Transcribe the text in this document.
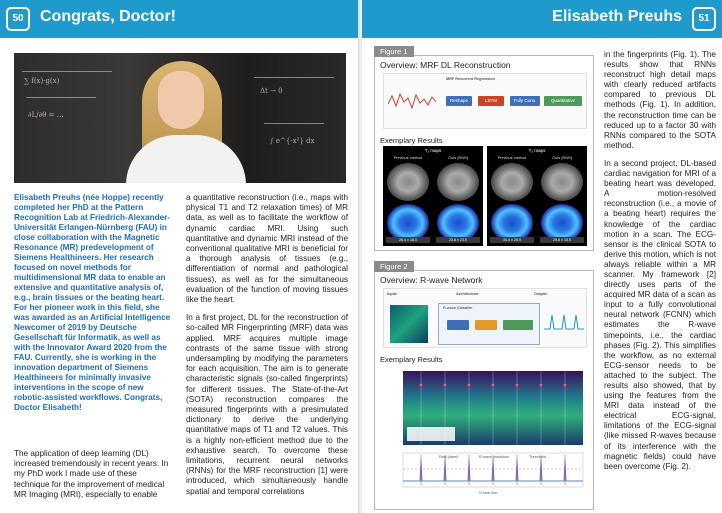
50	Congrats, Doctor!
∑ f(x)·g(x)
∂L/∂θ = …
Δt → 0
∫ e^{-x²} dx
Elisabeth Preuhs (née Hoppe) recently completed her PhD at the Pattern Recognition Lab at Friedrich-Alexander-Universität Erlangen-Nürnberg (FAU) in close collaboration with the Magnetic Resonance (MR) predevelopment of Siemens Healthineers. Her research focused on novel methods for multidimensional MR data to enable an extensive and quantitative analysis of, e.g., brain tissues or the beating heart. For her pioneer work in this field, she was awarded as an Artificial Intelligence Newcomer of 2019 by Deutsche Gesellschaft für Informatik, as well as with the Innovator Award 2020 from the FAU. Currently, she is working in the innovation department of Siemens Healthineers for minimally invasive interventions in the scope of new robotic-assisted workflows. Congrats, Doctor Elisabeth!

The application of deep learning (DL) increased tremendously in recent years. In my PhD work I made use of these technique for the improvement of medical MR Imaging (MRI), especially to enable

a quantitative reconstruction (i.e., maps with physical T1 and T2 relaxation times) of MR data, as well as to facilitate the workflow of dynamic cardiac MRI. Using such quantitative and dynamic MRI instead of the conventional qualitative MRI is beneficial for a thorough analysis of tissues (e.g., differentiation of normal and pathological tissues), as well as for the simultaneous evaluation of the function of moving tissues like the heart.

In a first project, DL for the reconstruction of so-called MR Fingerprinting (MRF) data was applied. MRF acquires multiple image contrasts of the same tissue with strong undersampling by modifying the parameters for each acquisition. The aim is to generate characteristic signals (so-called fingerprints) for different tissues. The State-of-the-Art (SOTA) reconstruction compares the measured fingerprints with a presimulated dictionary to derive the underlying quantitative maps of T1 and T2 values. This is a highly non-efficient method due to the exhaustive search. To overcome these limitations, recurrent neural networks (RNNs) for the MRF reconstruction [1] were introduced, which simultaneously handle spatial and temporal correlations

Elisabeth Preuhs	51
Figure 1
Overview: MRF DL Reconstruction
MRF Recurrent Regression
Reshape	LSTM	Fully Conn.	Quantitative
Exemplary Results
T₁ maps
Previous method	Ours (RNN)
28.4 ± 18.0	23.8 ± 23.0
T₂ maps
Previous method	Ours (RNN)
34.4 ± 26.9	29.8 ± 15.5
Figure 2
Overview: R-wave Network
Input:	Architecture:	Output:
R-wave Classifier
Exemplary Results
Real (label)	R-wave prediction	Threshold
N time-line

in the fingerprints (Fig. 1). The results show that RNNs reconstruct high detail maps with clearly reduced artifacts compared to previous DL methods (Fig. 1). In addition, the reconstruction time can be reduced up to a factor 30 with RNNs compared to the SOTA method.

In a second project, DL-based cardiac navigation for MRI of a beating heart was developed. A motion-resolved reconstruction (i.e., a movie of a beating heart) requires the knowledge of the cardiac motion in a scan. The ECG-sensor is the clinical SOTA to derive this motion, which is not always reliable within a MR scanner. My framework [2] directly uses parts of the acquired MR data of a scan as input to a fully convolutional neural network (FCNN) which estimates the R-wave timepoints, i.e., the cardiac phases (Fig. 2). This simplifies the workflow, as no external ECG-sensor needs to be attached to the subject. The results also showed, that by using the features from the MRI data instead of the electrical ECG-signal, limitations of the ECG-signal (like missed R-waves because of its interference with the magnetic fields) could have been overcome (Fig. 2).
